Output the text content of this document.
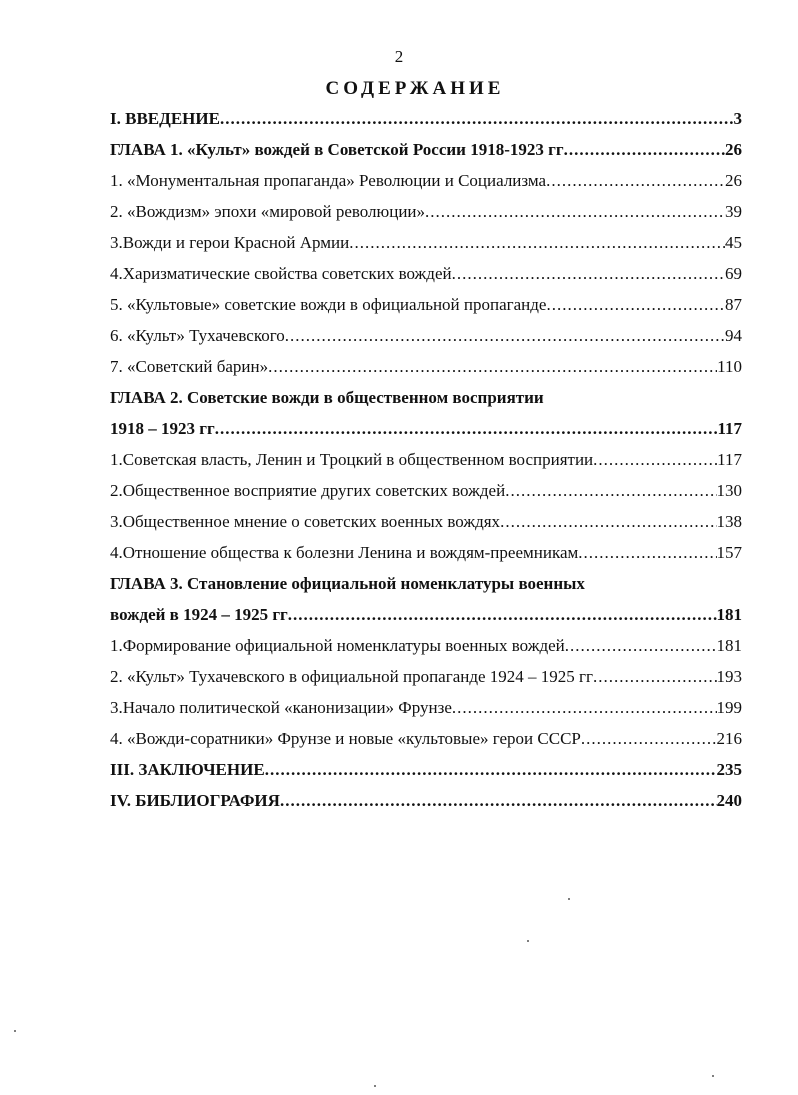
2
СОДЕРЖАНИЕ
I. ВВЕДЕНИЕ .....	3
ГЛАВА 1. «Культ» вождей в Советской России 1918-1923 гг .....	26
1. «Монументальная пропаганда» Революции и Социализма .....	26
2. «Вождизм» эпохи «мировой революции» .....	39
3.Вожди и герои Красной Армии .....	45
4.Харизматические свойства советских вождей .....	69
5. «Культовые» советские вожди в официальной пропаганде .....	87
6. «Культ» Тухачевского .....	94
7. «Советский барин» .....	110
ГЛАВА 2. Советские вожди в общественном восприятии
1918 – 1923 гг .....	117
1.Советская власть, Ленин и Троцкий в общественном восприятии .....	117
2.Общественное восприятие других советских вождей .....	130
3.Общественное мнение о советских военных вождях .....	138
4.Отношение общества к болезни Ленина и вождям-преемникам .....	157
ГЛАВА 3. Становление официальной номенклатуры военных
вождей в 1924 – 1925 гг .....	181
1.Формирование официальной номенклатуры военных вождей .....	181
2. «Культ» Тухачевского в официальной пропаганде 1924 – 1925 гг .....	193
3.Начало политической «канонизации» Фрунзе .....	199
4. «Вожди-соратники» Фрунзе и новые «культовые» герои СССР .....	216
III. ЗАКЛЮЧЕНИЕ .....	235
IV. БИБЛИОГРАФИЯ .....	240
